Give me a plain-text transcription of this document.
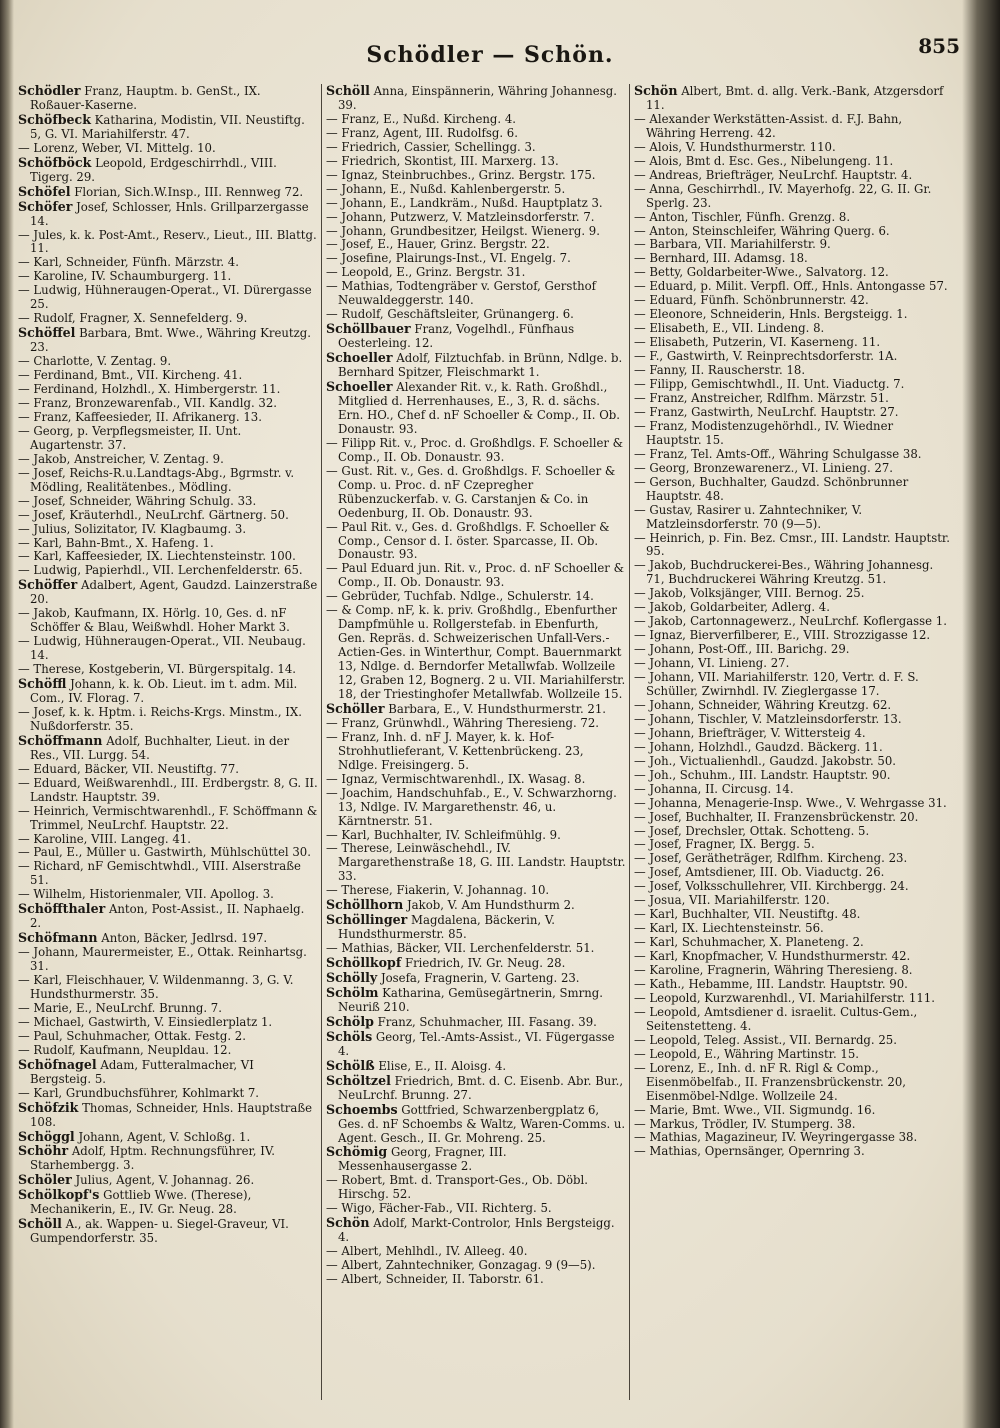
Schödler — Schön.	855

Schödler Franz, Hauptm. b. GenSt., IX. Roßauer-Kaserne.

Schöfbeck Katharina, Modistin, VII. Neustiftg. 5, G. VI. Mariahilferstr. 47.

— Lorenz, Weber, VI. Mittelg. 10.

Schöfböck Leopold, Erdgeschirrhdl., VIII. Tigerg. 29.

Schöfel Florian, Sich.W.Insp., III. Rennweg 72.

Schöfer Josef, Schlosser, Hnls. Grillparzergasse 14.

— Jules, k. k. Post-Amt., Reserv., Lieut., III. Blattg. 11.

— Karl, Schneider, Fünfh. Märzstr. 4.

— Karoline, IV. Schaumburgerg. 11.

— Ludwig, Hühneraugen-Operat., VI. Dürergasse 25.

— Rudolf, Fragner, X. Sennefelderg. 9.

Schöffel Barbara, Bmt. Wwe., Währing Kreutzg. 23.

— Charlotte, V. Zentag. 9.

— Ferdinand, Bmt., VII. Kircheng. 41.

— Ferdinand, Holzhdl., X. Himbergerstr. 11.

— Franz, Bronzewarenfab., VII. Kandlg. 32.

— Franz, Kaffeesieder, II. Afrikanerg. 13.

— Georg, p. Verpflegsmeister, II. Unt. Augartenstr. 37.

— Jakob, Anstreicher, V. Zentag. 9.

— Josef, Reichs-R.u.Landtags-Abg., Bgrmstr. v. Mödling, Realitätenbes., Mödling.

— Josef, Schneider, Währing Schulg. 33.

— Josef, Kräuterhdl., NeuLrchf. Gärtnerg. 50.

— Julius, Solizitator, IV. Klagbaumg. 3.

— Karl, Bahn-Bmt., X. Hafeng. 1.

— Karl, Kaffeesieder, IX. Liechtensteinstr. 100.

— Ludwig, Papierhdl., VII. Lerchenfelderstr. 65.

Schöffer Adalbert, Agent, Gaudzd. Lainzerstraße 20.

— Jakob, Kaufmann, IX. Hörlg. 10, Ges. d. nF Schöffer & Blau, Weißwhdl. Hoher Markt 3.

— Ludwig, Hühneraugen-Operat., VII. Neubaug. 14.

— Therese, Kostgeberin, VI. Bürgerspitalg. 14.

Schöffl Johann, k. k. Ob. Lieut. im t. adm. Mil. Com., IV. Florag. 7.

— Josef, k. k. Hptm. i. Reichs-Krgs. Minstm., IX. Nußdorferstr. 35.

Schöffmann Adolf, Buchhalter, Lieut. in der Res., VII. Lurgg. 54.

— Eduard, Bäcker, VII. Neustiftg. 77.

— Eduard, Weißwarenhdl., III. Erdbergstr. 8, G. II. Landstr. Hauptstr. 39.

— Heinrich, Vermischtwarenhdl., F. Schöffmann & Trimmel, NeuLrchf. Hauptstr. 22.

— Karoline, VIII. Langeg. 41.

— Paul, E., Müller u. Gastwirth, Mühlschüttel 30.

— Richard, nF Gemischtwhdl., VIII. Alserstraße 51.

— Wilhelm, Historienmaler, VII. Apollog. 3.

Schöffthaler Anton, Post-Assist., II. Naphaelg. 2.

Schöfmann Anton, Bäcker, Jedlrsd. 197.

— Johann, Maurermeister, E., Ottak. Reinhartsg. 31.

— Karl, Fleischhauer, V. Wildenmanng. 3, G. V. Hundsthurmerstr. 35.

— Marie, E., NeuLrchf. Brunng. 7.

— Michael, Gastwirth, V. Einsiedlerplatz 1.

— Paul, Schuhmacher, Ottak. Festg. 2.

— Rudolf, Kaufmann, Neupldau. 12.

Schöfnagel Adam, Futteralmacher, VI Bergsteig. 5.

— Karl, Grundbuchsführer, Kohlmarkt 7.

Schöfzik Thomas, Schneider, Hnls. Hauptstraße 108.

Schöggl Johann, Agent, V. Schloßg. 1.

Schöhr Adolf, Hptm. Rechnungsführer, IV. Starhembergg. 3.

Schöler Julius, Agent, V. Johannag. 26.

Schölkopf's Gottlieb Wwe. (Therese), Mechanikerin, E., IV. Gr. Neug. 28.

Schöll A., ak. Wappen- u. Siegel-Graveur, VI. Gumpendorferstr. 35.

Schöll Anna, Einspännerin, Währing Johannesg. 39.

— Franz, E., Nußd. Kircheng. 4.

— Franz, Agent, III. Rudolfsg. 6.

— Friedrich, Cassier, Schellingg. 3.

— Friedrich, Skontist, III. Marxerg. 13.

— Ignaz, Steinbruchbes., Grinz. Bergstr. 175.

— Johann, E., Nußd. Kahlenbergerstr. 5.

— Johann, E., Landkräm., Nußd. Hauptplatz 3.

— Johann, Putzwerz, V. Matzleinsdorferstr. 7.

— Johann, Grundbesitzer, Heilgst. Wienerg. 9.

— Josef, E., Hauer, Grinz. Bergstr. 22.

— Josefine, Plairungs-Inst., VI. Engelg. 7.

— Leopold, E., Grinz. Bergstr. 31.

— Mathias, Todtengräber v. Gerstof, Gersthof Neuwaldeggerstr. 140.

— Rudolf, Geschäftsleiter, Grünangerg. 6.

Schöllbauer Franz, Vogelhdl., Fünfhaus Oesterleing. 12.

Schoeller Adolf, Filztuchfab. in Brünn, Ndlge. b. Bernhard Spitzer, Fleischmarkt 1.

Schoeller Alexander Rit. v., k. Rath. Großhdl., Mitglied d. Herrenhauses, E., 3, R. d. sächs. Ern. HO., Chef d. nF Schoeller & Comp., II. Ob. Donaustr. 93.

— Filipp Rit. v., Proc. d. Großhdlgs. F. Schoeller & Comp., II. Ob. Donaustr. 93.

— Gust. Rit. v., Ges. d. Großhdlgs. F. Schoeller & Comp. u. Proc. d. nF Czepregher Rübenzuckerfab. v. G. Carstanjen & Co. in Oedenburg, II. Ob. Donaustr. 93.

— Paul Rit. v., Ges. d. Großhdlgs. F. Schoeller & Comp., Censor d. I. öster. Sparcasse, II. Ob. Donaustr. 93.

— Paul Eduard jun. Rit. v., Proc. d. nF Schoeller & Comp., II. Ob. Donaustr. 93.

— Gebrüder, Tuchfab. Ndlge., Schulerstr. 14.

— & Comp. nF, k. k. priv. Großhdlg., Ebenfurther Dampfmühle u. Rollgerstefab. in Ebenfurth, Gen. Repräs. d. Schweizerischen Unfall-Vers.-Actien-Ges. in Winterthur, Compt. Bauernmarkt 13, Ndlge. d. Berndorfer Metallwfab. Wollzeile 12, Graben 12, Bognerg. 2 u. VII. Mariahilferstr. 18, der Triestinghofer Metallwfab. Wollzeile 15.

Schöller Barbara, E., V. Hundsthurmerstr. 21.

— Franz, Grünwhdl., Währing Theresieng. 72.

— Franz, Inh. d. nF J. Mayer, k. k. Hof-Strohhutlieferant, V. Kettenbrückeng. 23, Ndlge. Freisingerg. 5.

— Ignaz, Vermischtwarenhdl., IX. Wasag. 8.

— Joachim, Handschuhfab., E., V. Schwarzhorng. 13, Ndlge. IV. Margarethenstr. 46, u. Kärntnerstr. 51.

— Karl, Buchhalter, IV. Schleifmühlg. 9.

— Therese, Leinwäschehdl., IV. Margarethenstraße 18, G. III. Landstr. Hauptstr. 33.

— Therese, Fiakerin, V. Johannag. 10.

Schöllhorn Jakob, V. Am Hundsthurm 2.

Schöllinger Magdalena, Bäckerin, V. Hundsthurmerstr. 85.

— Mathias, Bäcker, VII. Lerchenfelderstr. 51.

Schöllkopf Friedrich, IV. Gr. Neug. 28.

Schölly Josefa, Fragnerin, V. Garteng. 23.

Schölm Katharina, Gemüsegärtnerin, Smrng. Neuriß 210.

Schölp Franz, Schuhmacher, III. Fasang. 39.

Schöls Georg, Tel.-Amts-Assist., VI. Fügergasse 4.

Schölß Elise, E., II. Aloisg. 4.

Schöltzel Friedrich, Bmt. d. C. Eisenb. Abr. Bur., NeuLrchf. Brunng. 27.

Schoembs Gottfried, Schwarzenbergplatz 6, Ges. d. nF Schoembs & Waltz, Waren-Comms. u. Agent. Gesch., II. Gr. Mohreng. 25.

Schömig Georg, Fragner, III. Messenhausergasse 2.

— Robert, Bmt. d. Transport-Ges., Ob. Döbl. Hirschg. 52.

— Wigo, Fächer-Fab., VII. Richterg. 5.

Schön Adolf, Markt-Controlor, Hnls Bergsteigg. 4.

— Albert, Mehlhdl., IV. Alleeg. 40.

— Albert, Zahntechniker, Gonzagag. 9 (9—5).

— Albert, Schneider, II. Taborstr. 61.

Schön Albert, Bmt. d. allg. Verk.-Bank, Atzgersdorf 11.

— Alexander Werkstätten-Assist. d. F.J. Bahn, Währing Herreng. 42.

— Alois, V. Hundsthurmerstr. 110.

— Alois, Bmt d. Esc. Ges., Nibelungeng. 11.

— Andreas, Briefträger, NeuLrchf. Hauptstr. 4.

— Anna, Geschirrhdl., IV. Mayerhofg. 22, G. II. Gr. Sperlg. 23.

— Anton, Tischler, Fünfh. Grenzg. 8.

— Anton, Steinschleifer, Währing Querg. 6.

— Barbara, VII. Mariahilferstr. 9.

— Bernhard, III. Adamsg. 18.

— Betty, Goldarbeiter-Wwe., Salvatorg. 12.

— Eduard, p. Milit. Verpfl. Off., Hnls. Antongasse 57.

— Eduard, Fünfh. Schönbrunnerstr. 42.

— Eleonore, Schneiderin, Hnls. Bergsteigg. 1.

— Elisabeth, E., VII. Lindeng. 8.

— Elisabeth, Putzerin, VI. Kaserneng. 11.

— F., Gastwirth, V. Reinprechtsdorferstr. 1A.

— Fanny, II. Rauscherstr. 18.

— Filipp, Gemischtwhdl., II. Unt. Viaductg. 7.

— Franz, Anstreicher, Rdlfhm. Märzstr. 51.

— Franz, Gastwirth, NeuLrchf. Hauptstr. 27.

— Franz, Modistenzugehörhdl., IV. Wiedner Hauptstr. 15.

— Franz, Tel. Amts-Off., Währing Schulgasse 38.

— Georg, Bronzewarenerz., VI. Linieng. 27.

— Gerson, Buchhalter, Gaudzd. Schönbrunner Hauptstr. 48.

— Gustav, Rasirer u. Zahntechniker, V. Matzleinsdorferstr. 70 (9—5).

— Heinrich, p. Fin. Bez. Cmsr., III. Landstr. Hauptstr. 95.

— Jakob, Buchdruckerei-Bes., Währing Johannesg. 71, Buchdruckerei Währing Kreutzg. 51.

— Jakob, Volksjänger, VIII. Bernog. 25.

— Jakob, Goldarbeiter, Adlerg. 4.

— Jakob, Cartonnagewerz., NeuLrchf. Koflergasse 1.

— Ignaz, Bierverfilberer, E., VIII. Strozzigasse 12.

— Johann, Post-Off., III. Barichg. 29.

— Johann, VI. Linieng. 27.

— Johann, VII. Mariahilferstr. 120, Vertr. d. F. S. Schüller, Zwirnhdl. IV. Zieglergasse 17.

— Johann, Schneider, Währing Kreutzg. 62.

— Johann, Tischler, V. Matzleinsdorferstr. 13.

— Johann, Briefträger, V. Wittersteig 4.

— Johann, Holzhdl., Gaudzd. Bäckerg. 11.

— Joh., Victualienhdl., Gaudzd. Jakobstr. 50.

— Joh., Schuhm., III. Landstr. Hauptstr. 90.

— Johanna, II. Circusg. 14.

— Johanna, Menagerie-Insp. Wwe., V. Wehrgasse 31.

— Josef, Buchhalter, II. Franzensbrückenstr. 20.

— Josef, Drechsler, Ottak. Schotteng. 5.

— Josef, Fragner, IX. Bergg. 5.

— Josef, Gerätheträger, Rdlfhm. Kircheng. 23.

— Josef, Amtsdiener, III. Ob. Viaductg. 26.

— Josef, Volksschullehrer, VII. Kirchbergg. 24.

— Josua, VII. Mariahilferstr. 120.

— Karl, Buchhalter, VII. Neustiftg. 48.

— Karl, IX. Liechtensteinstr. 56.

— Karl, Schuhmacher, X. Planeteng. 2.

— Karl, Knopfmacher, V. Hundsthurmerstr. 42.

— Karoline, Fragnerin, Währing Theresieng. 8.

— Kath., Hebamme, III. Landstr. Hauptstr. 90.

— Leopold, Kurzwarenhdl., VI. Mariahilferstr. 111.

— Leopold, Amtsdiener d. israelit. Cultus-Gem., Seitenstetteng. 4.

— Leopold, Teleg. Assist., VII. Bernardg. 25.

— Leopold, E., Währing Martinstr. 15.

— Lorenz, E., Inh. d. nF R. Rigl & Comp., Eisenmöbelfab., II. Franzensbrückenstr. 20, Eisenmöbel-Ndlge. Wollzeile 24.

— Marie, Bmt. Wwe., VII. Sigmundg. 16.

— Markus, Trödler, IV. Stumperg. 38.

— Mathias, Magazineur, IV. Weyringergasse 38.

— Mathias, Opernsänger, Opernring 3.
